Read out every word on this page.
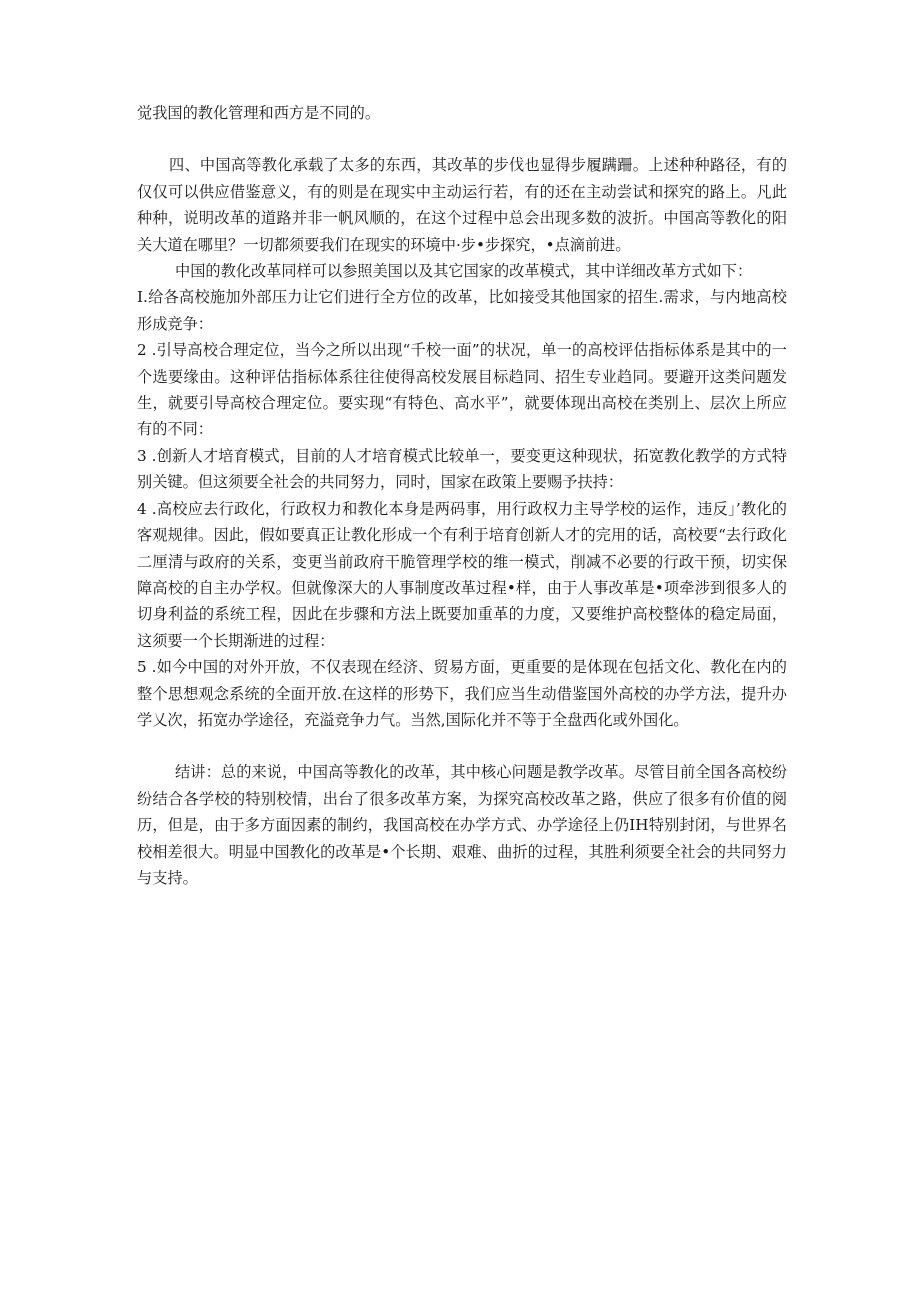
觉我国的教化管理和西方是不同的。

四、中国高等教化承载了太多的东西，其改革的步伐也显得步履蹒跚。上述种种路径，有的仅仅可以供应借鉴意义，有的则是在现实中主动运行若，有的还在主动尝试和探究的路上。凡此种种，说明改革的道路并非一帆风顺的，在这个过程中总会出现多数的波折。中国高等教化的阳关大道在哪里？一切都须要我们在现实的环境中·步•步探究，•点滴前进。

中国的教化改革同样可以参照美国以及其它国家的改革模式，其中详细改革方式如下：

I.给各高校施加外部压力让它们进行全方位的改革，比如接受其他国家的招生.需求，与内地高校形成竞争：

2 .引导高校合理定位，当今之所以出现“千校一面”的状况，单一的高校评估指标体系是其中的一个选要缘由。这种评估指标体系往往使得高校发展目标趋同、招生专业趋同。要避开这类问题发生，就要引导高校合理定位。要实现“有特色、高水平”，就要体现出高校在类别上、层次上所应有的不同：

3 .创新人才培育模式，目前的人才培育模式比较单一，要变更这种现状，拓宽教化教学的方式特别关键。但这须要全社会的共同努力，同时，国家在政策上要赐予扶持：

4 .高校应去行政化，行政权力和教化本身是两码事，用行政权力主导学校的运作，违反」’教化的客观规律。因此，假如要真正让教化形成一个有利于培育创新人才的完用的话，高校要“去行政化二厘清与政府的关系，变更当前政府干脆管理学校的维一模式，削减不必要的行政干预，切实保障高校的自主办学权。但就像深大的人事制度改革过程•样，由于人事改革是•项牵涉到很多人的切身利益的系统工程，因此在步骤和方法上既要加重革的力度，又要维护高校整体的稳定局面，这须要一个长期渐进的过程：

5 .如今中国的对外开放，不仅表现在经济、贸易方面，更重要的是体现在包括文化、教化在内的整个思想观念系统的全面开放.在这样的形势下，我们应当生动借鉴国外高校的办学方法，提升办学乂次，拓宽办学途径，充溢竞争力气。当然,国际化并不等于全盘西化或外国化。

结讲：总的来说，中国高等教化的改革，其中核心问题是教学改革。尽管目前全国各高校纷纷结合各学校的特别校情，出台了很多改革方案，为探究高校改革之路，供应了很多有价值的阅历，但是，由于多方面因素的制约，我国高校在办学方式、办学途径上仍IH特别封闭，与世界名校相差很大。明显中国教化的改革是•个长期、艰难、曲折的过程，其胜利须要全社会的共同努力与支持。
